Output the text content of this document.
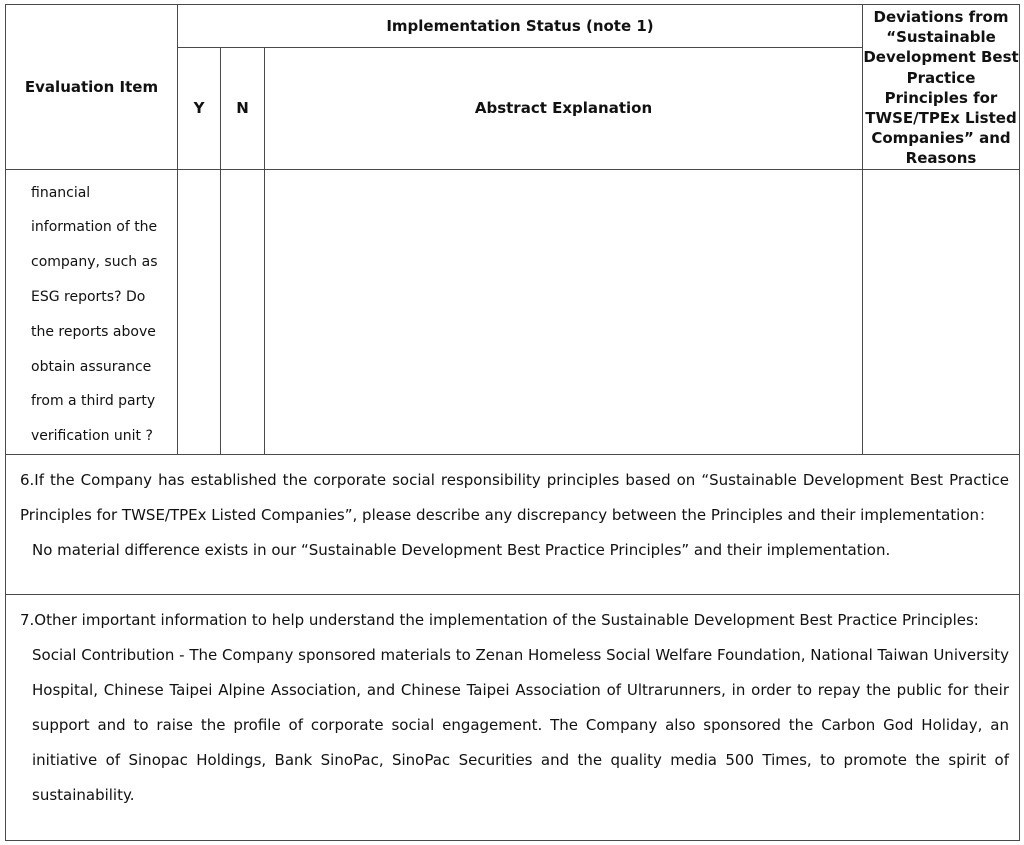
Evaluation Item	Implementation Status (note 1)			Deviations from “Sustainable Development Best Practice Principles for TWSE/TPEx Listed Companies” and Reasons
	Y	N	Abstract Explanation	
financial information of the company, such as ESG reports? Do the reports above obtain assurance from a third party verification unit ?				

6.If the Company has established the corporate social responsibility principles based on “Sustainable Development Best Practice Principles for TWSE/TPEx Listed Companies”, please describe any discrepancy between the Principles and their implementation：
No material difference exists in our “Sustainable Development Best Practice Principles” and their implementation.				

7.Other important information to help understand the implementation of the Sustainable Development Best Practice Principles:
Social Contribution - The Company sponsored materials to Zenan Homeless Social Welfare Foundation, National Taiwan University Hospital, Chinese Taipei Alpine Association, and Chinese Taipei Association of Ultrarunners, in order to repay the public for their support and to raise the profile of corporate social engagement. The Company also sponsored the Carbon God Holiday, an initiative of Sinopac Holdings, Bank SinoPac, SinoPac Securities and the quality media 500 Times, to promote the spirit of sustainability.				
